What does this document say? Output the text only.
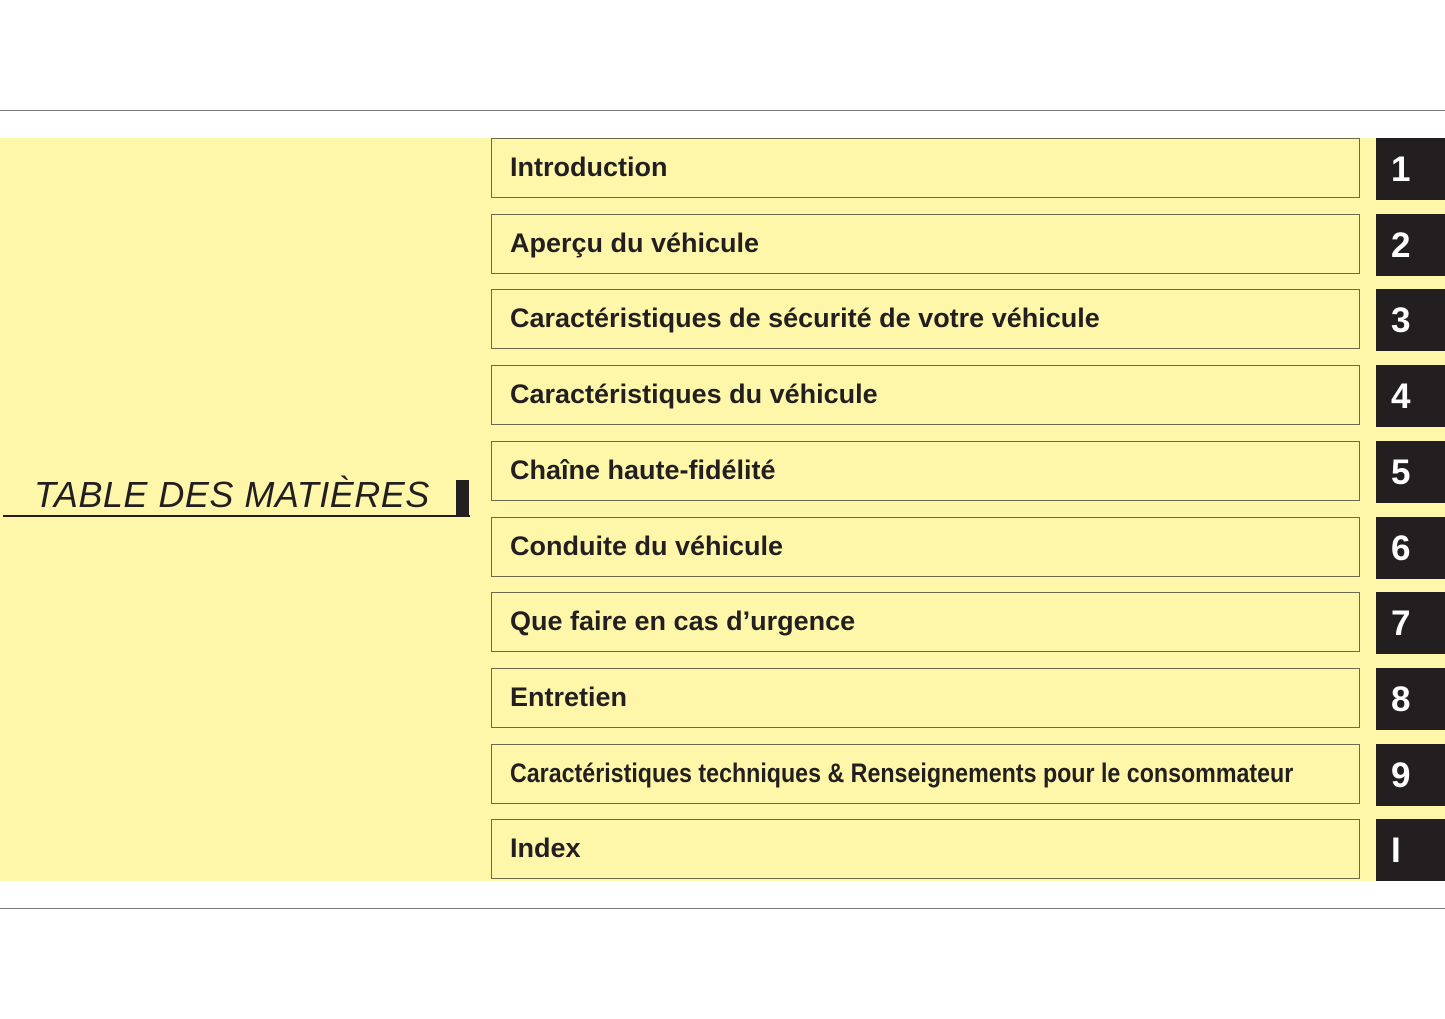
TABLE DES MATIÈRES
Introduction	1
Aperçu du véhicule	2
Caractéristiques de sécurité de votre véhicule	3
Caractéristiques du véhicule	4
Chaîne haute-fidélité	5
Conduite du véhicule	6
Que faire en cas d’urgence	7
Entretien	8
Caractéristiques techniques & Renseignements pour le consommateur	9
Index	I
